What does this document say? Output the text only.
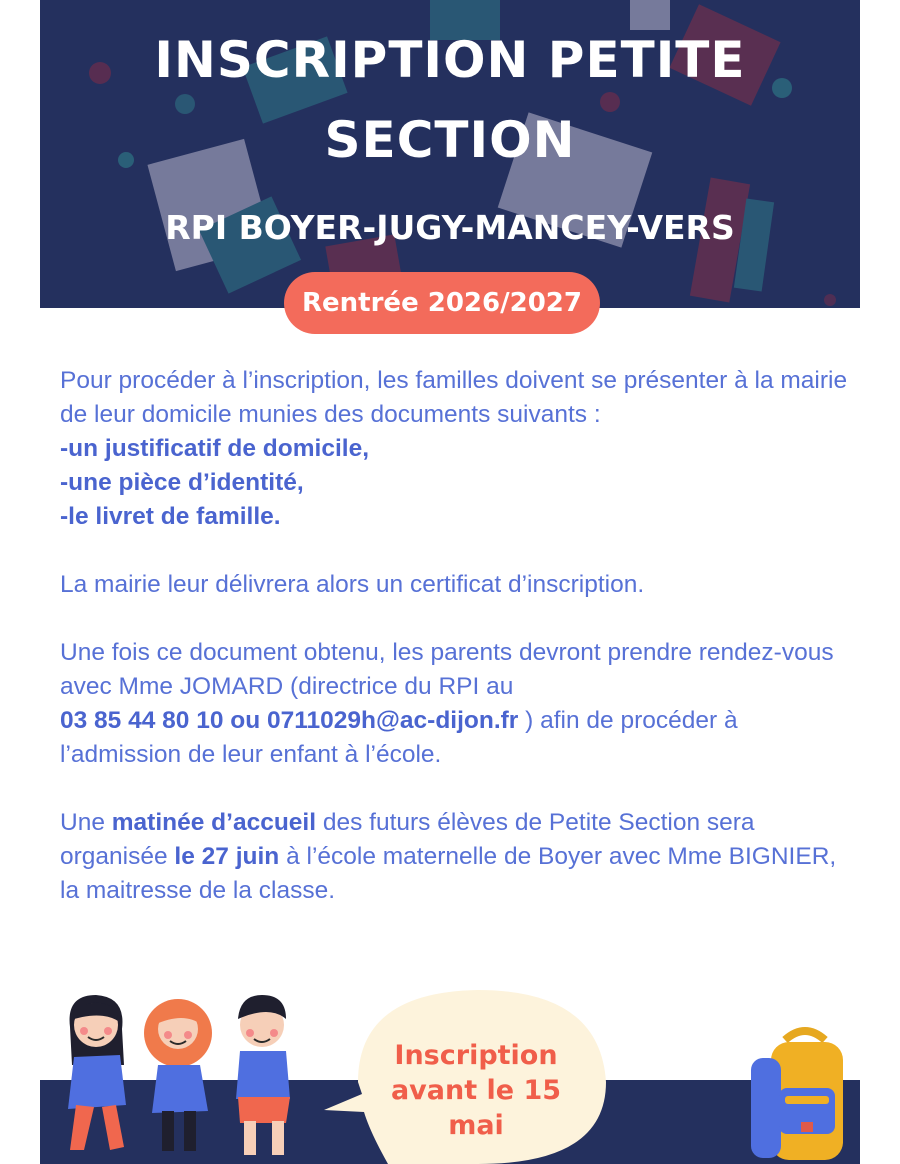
INSCRIPTION PETITE
SECTION
RPI BOYER-JUGY-MANCEY-VERS
Rentrée 2026/2027

Pour procéder à l’inscription, les familles doivent se présenter à la mairie de leur domicile munies des documents suivants :

-un justificatif de domicile,

-une pièce d’identité,

-le livret de famille.

La mairie leur délivrera alors un certificat d’inscription.

Une fois ce document obtenu, les parents devront prendre rendez-vous avec Mme JOMARD (directrice du RPI au
03 85 44 80 10 ou 0711029h@ac-dijon.fr ) afin de procéder à l’admission de leur enfant à l’école.

Une matinée d’accueil des futurs élèves de Petite Section sera organisée le 27 juin à l’école maternelle de Boyer avec Mme BIGNIER, la maitresse de la classe.

Inscription
avant le 15
mai
